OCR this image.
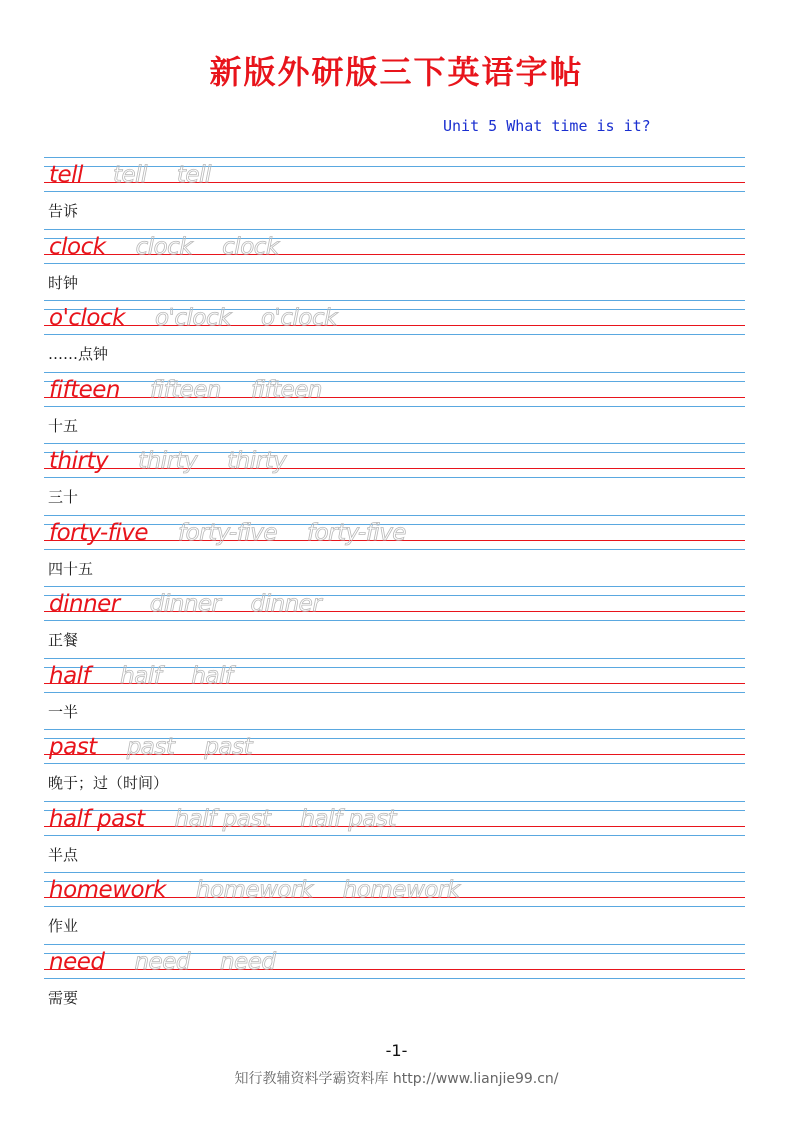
新版外研版三下英语字帖
Unit 5 What time is it?
tell tell tell
告诉
clock clock clock
时钟
o'clock o'clock o'clock
……点钟
fifteen fifteen fifteen
十五
thirty thirty thirty
三十
forty-five forty-five forty-five
四十五
dinner dinner dinner
正餐
half half half
一半
past past past
晚于；过（时间）
half past half past half past
半点
homework homework homework
作业
need need need
需要
-1-
知行教辅资料学霸资料库 http://www.lianjie99.cn/
